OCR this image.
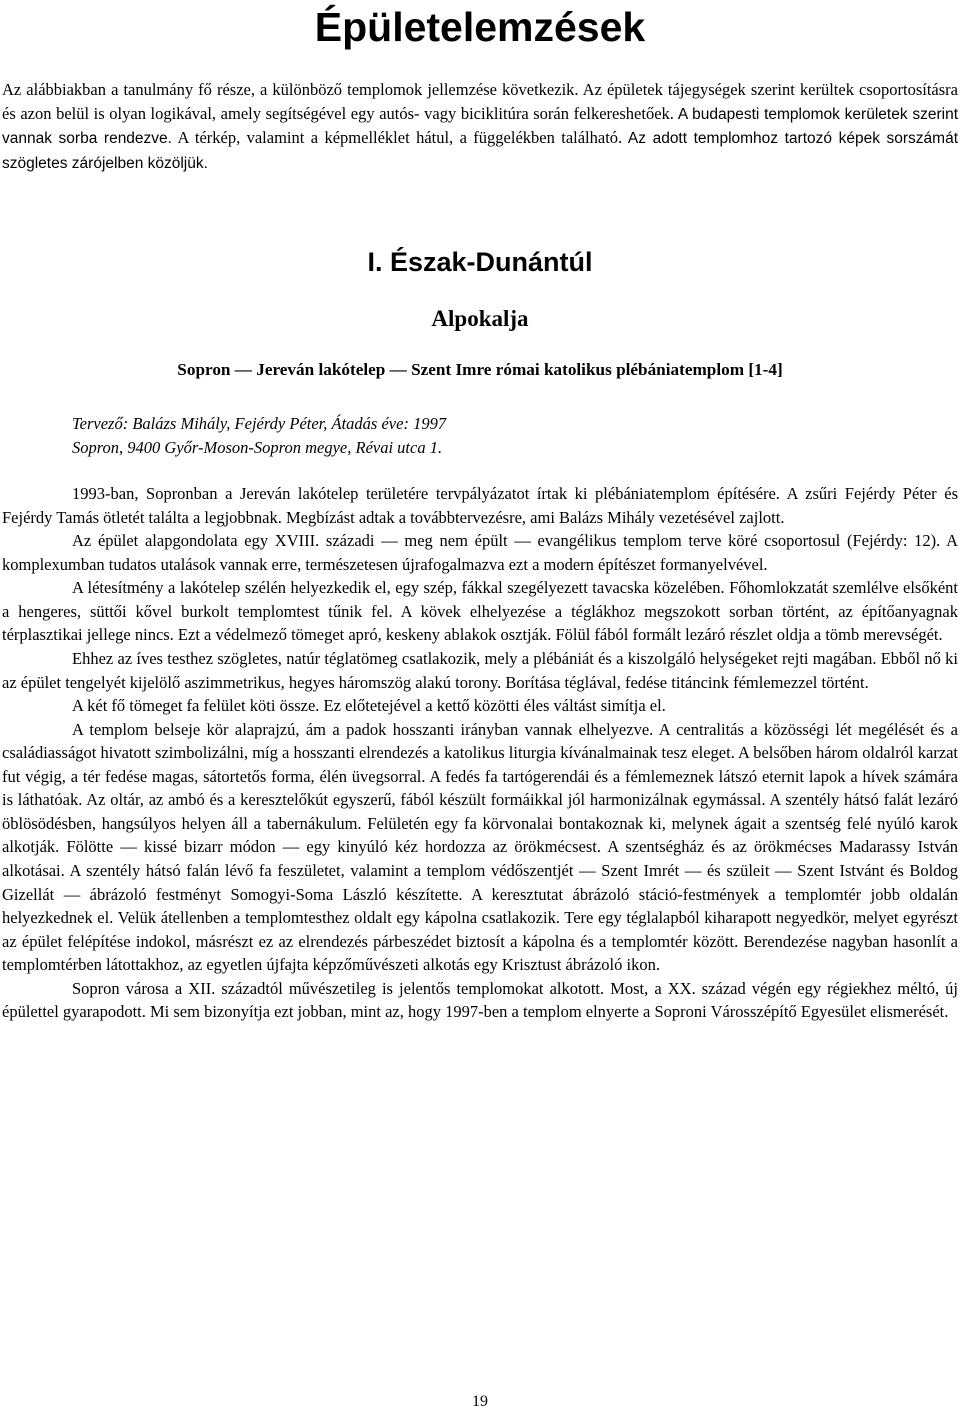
Épületelemzések

Az alábbiakban a tanulmány fő része, a különböző templomok jellemzése következik. Az épületek tájegységek szerint kerültek csoportosításra és azon belül is olyan logikával, amely segítségével egy autós- vagy biciklitúra során felkereshetőek. A budapesti templomok kerületek szerint vannak sorba rendezve. A térkép, valamint a képmelléklet hátul, a függelékben található. Az adott templomhoz tartozó képek sorszámát szögletes zárójelben közöljük.

I. Észak-Dunántúl
Alpokalja
Sopron ― Jereván lakótelep ― Szent Imre római katolikus plébániatemplom [1-4]

Tervező: Balázs Mihály, Fejérdy Péter, Átadás éve: 1997

Sopron, 9400 Győr-Moson-Sopron megye, Révai utca 1.

1993-ban, Sopronban a Jereván lakótelep területére tervpályázatot írtak ki plébániatemplom építésére. A zsűri Fejérdy Péter és Fejérdy Tamás ötletét találta a legjobbnak. Megbízást adtak a továbbtervezésre, ami Balázs Mihály vezetésével zajlott.

Az épület alapgondolata egy XVIII. századi ― meg nem épült ― evangélikus templom terve köré csoportosul (Fejérdy: 12). A komplexumban tudatos utalások vannak erre, természetesen újrafogalmazva ezt a modern építészet formanyelvével.

A létesítmény a lakótelep szélén helyezkedik el, egy szép, fákkal szegélyezett tavacska közelében. Főhomlokzatát szemlélve elsőként a hengeres, süttői kővel burkolt templomtest tűnik fel. A kövek elhelyezése a téglákhoz megszokott sorban történt, az építőanyagnak térplasztikai jellege nincs. Ezt a védelmező tömeget apró, keskeny ablakok osztják. Fölül fából formált lezáró részlet oldja a tömb merevségét.

Ehhez az íves testhez szögletes, natúr téglatömeg csatlakozik, mely a plébániát és a kiszolgáló helységeket rejti magában. Ebből nő ki az épület tengelyét kijelölő aszimmetrikus, hegyes háromszög alakú torony. Borítása téglával, fedése titáncink fémlemezzel történt.

A két fő tömeget fa felület köti össze. Ez előtetejével a kettő közötti éles váltást simítja el.

A templom belseje kör alaprajzú, ám a padok hosszanti irányban vannak elhelyezve. A centralitás a közösségi lét megélését és a családiasságot hivatott szimbolizálni, míg a hosszanti elrendezés a katolikus liturgia kívánalmainak tesz eleget. A belsőben három oldalról karzat fut végig, a tér fedése magas, sátortetős forma, élén üvegsorral. A fedés fa tartógerendái és a fémlemeznek látszó eternit lapok a hívek számára is láthatóak. Az oltár, az ambó és a keresztelőkút egyszerű, fából készült formáikkal jól harmonizálnak egymással. A szentély hátsó falát lezáró öblösödésben, hangsúlyos helyen áll a tabernákulum. Felületén egy fa körvonalai bontakoznak ki, melynek ágait a szentség felé nyúló karok alkotják. Fölötte ― kissé bizarr módon ― egy kinyúló kéz hordozza az örökmécsest. A szentségház és az örökmécses Madarassy István alkotásai. A szentély hátsó falán lévő fa feszületet, valamint a templom védőszentjét ― Szent Imrét ― és szüleit ― Szent Istvánt és Boldog Gizellát ― ábrázoló festményt Somogyi-Soma László készítette. A keresztutat ábrázoló stáció-festmények a templomtér jobb oldalán helyezkednek el. Velük átellenben a templomtesthez oldalt egy kápolna csatlakozik. Tere egy téglalapból kiharapott negyedkör, melyet egyrészt az épület felépítése indokol, másrészt ez az elrendezés párbeszédet biztosít a kápolna és a templomtér között. Berendezése nagyban hasonlít a templomtérben látottakhoz, az egyetlen újfajta képzőművészeti alkotás egy Krisztust ábrázoló ikon.

Sopron városa a XII. századtól művészetileg is jelentős templomokat alkotott. Most, a XX. század végén egy régiekhez méltó, új épülettel gyarapodott. Mi sem bizonyítja ezt jobban, mint az, hogy 1997-ben a templom elnyerte a Soproni Városszépítő Egyesület elismerését.

19
